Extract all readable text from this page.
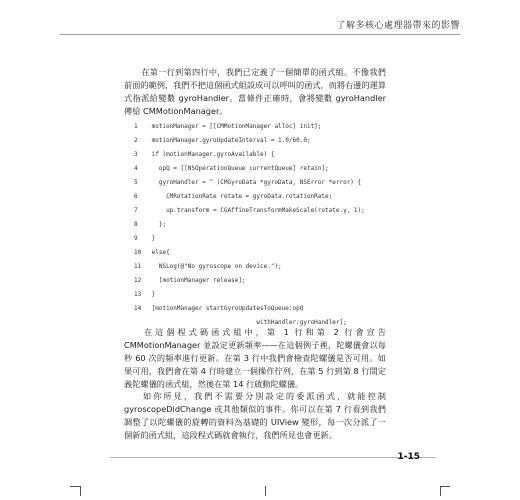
了解多核心處理器帶來的影響

在第一行到第四行中，我們已定義了一個簡單的函式組。不像我們前面的範例，我們不把這個函式組設成可以呼叫的函式，而將右邊的運算式指派給變數 gyroHandler。當條件正確時，會將變數 gyroHandler 傳給 CMMotionManager。

1 motionManager = [[CMMotionManager alloc] init];
2 motionManager.gyroUpdateInterval = 1.0/60.0;
3 if (motionManager.gyroAvailable) {
4   opQ = [[NSOperationQueue currentQueue] retain];
5   gyroHandler = ^ (CMGyroData *gyroData, NSError *error) {
6     CMRotationRate rotate = gyroData.rotationRate;
7     up.transform = CGAffineTransformMakeScale(rotate.y, 1);
8   };
9 }
10 else{
11   NSLog(@"No gyroscope on device.");
12   [motionManager release];
13 }
14 [motionManager startGyroUpdatesToQueue:opQ
withHandler:gyroHandler];

在這個程式碼函式組中，第 1 行和第 2 行會宣告 CMMotionManager 並設定更新頻率——在這個例子裡，陀螺儀會以每秒 60 次的頻率進行更新。在第 3 行中我們會檢查陀螺儀是否可用。如果可用，我們會在第 4 行時建立一個操作佇列，在第 5 行到第 8 行間定義陀螺儀的函式組，然後在第 14 行啟動陀螺儀。

如你所見，我們不需要分別設定的委派函式，就能控制 gyroscopeDidChange 或其他類似的事件。你可以在第 7 行看到我們調整了以陀螺儀的旋轉的資料為基礎的 UIView 變形，每一次分派了一個新的函式組，這段程式碼就會執行，我們所見也會更新。

1-15
